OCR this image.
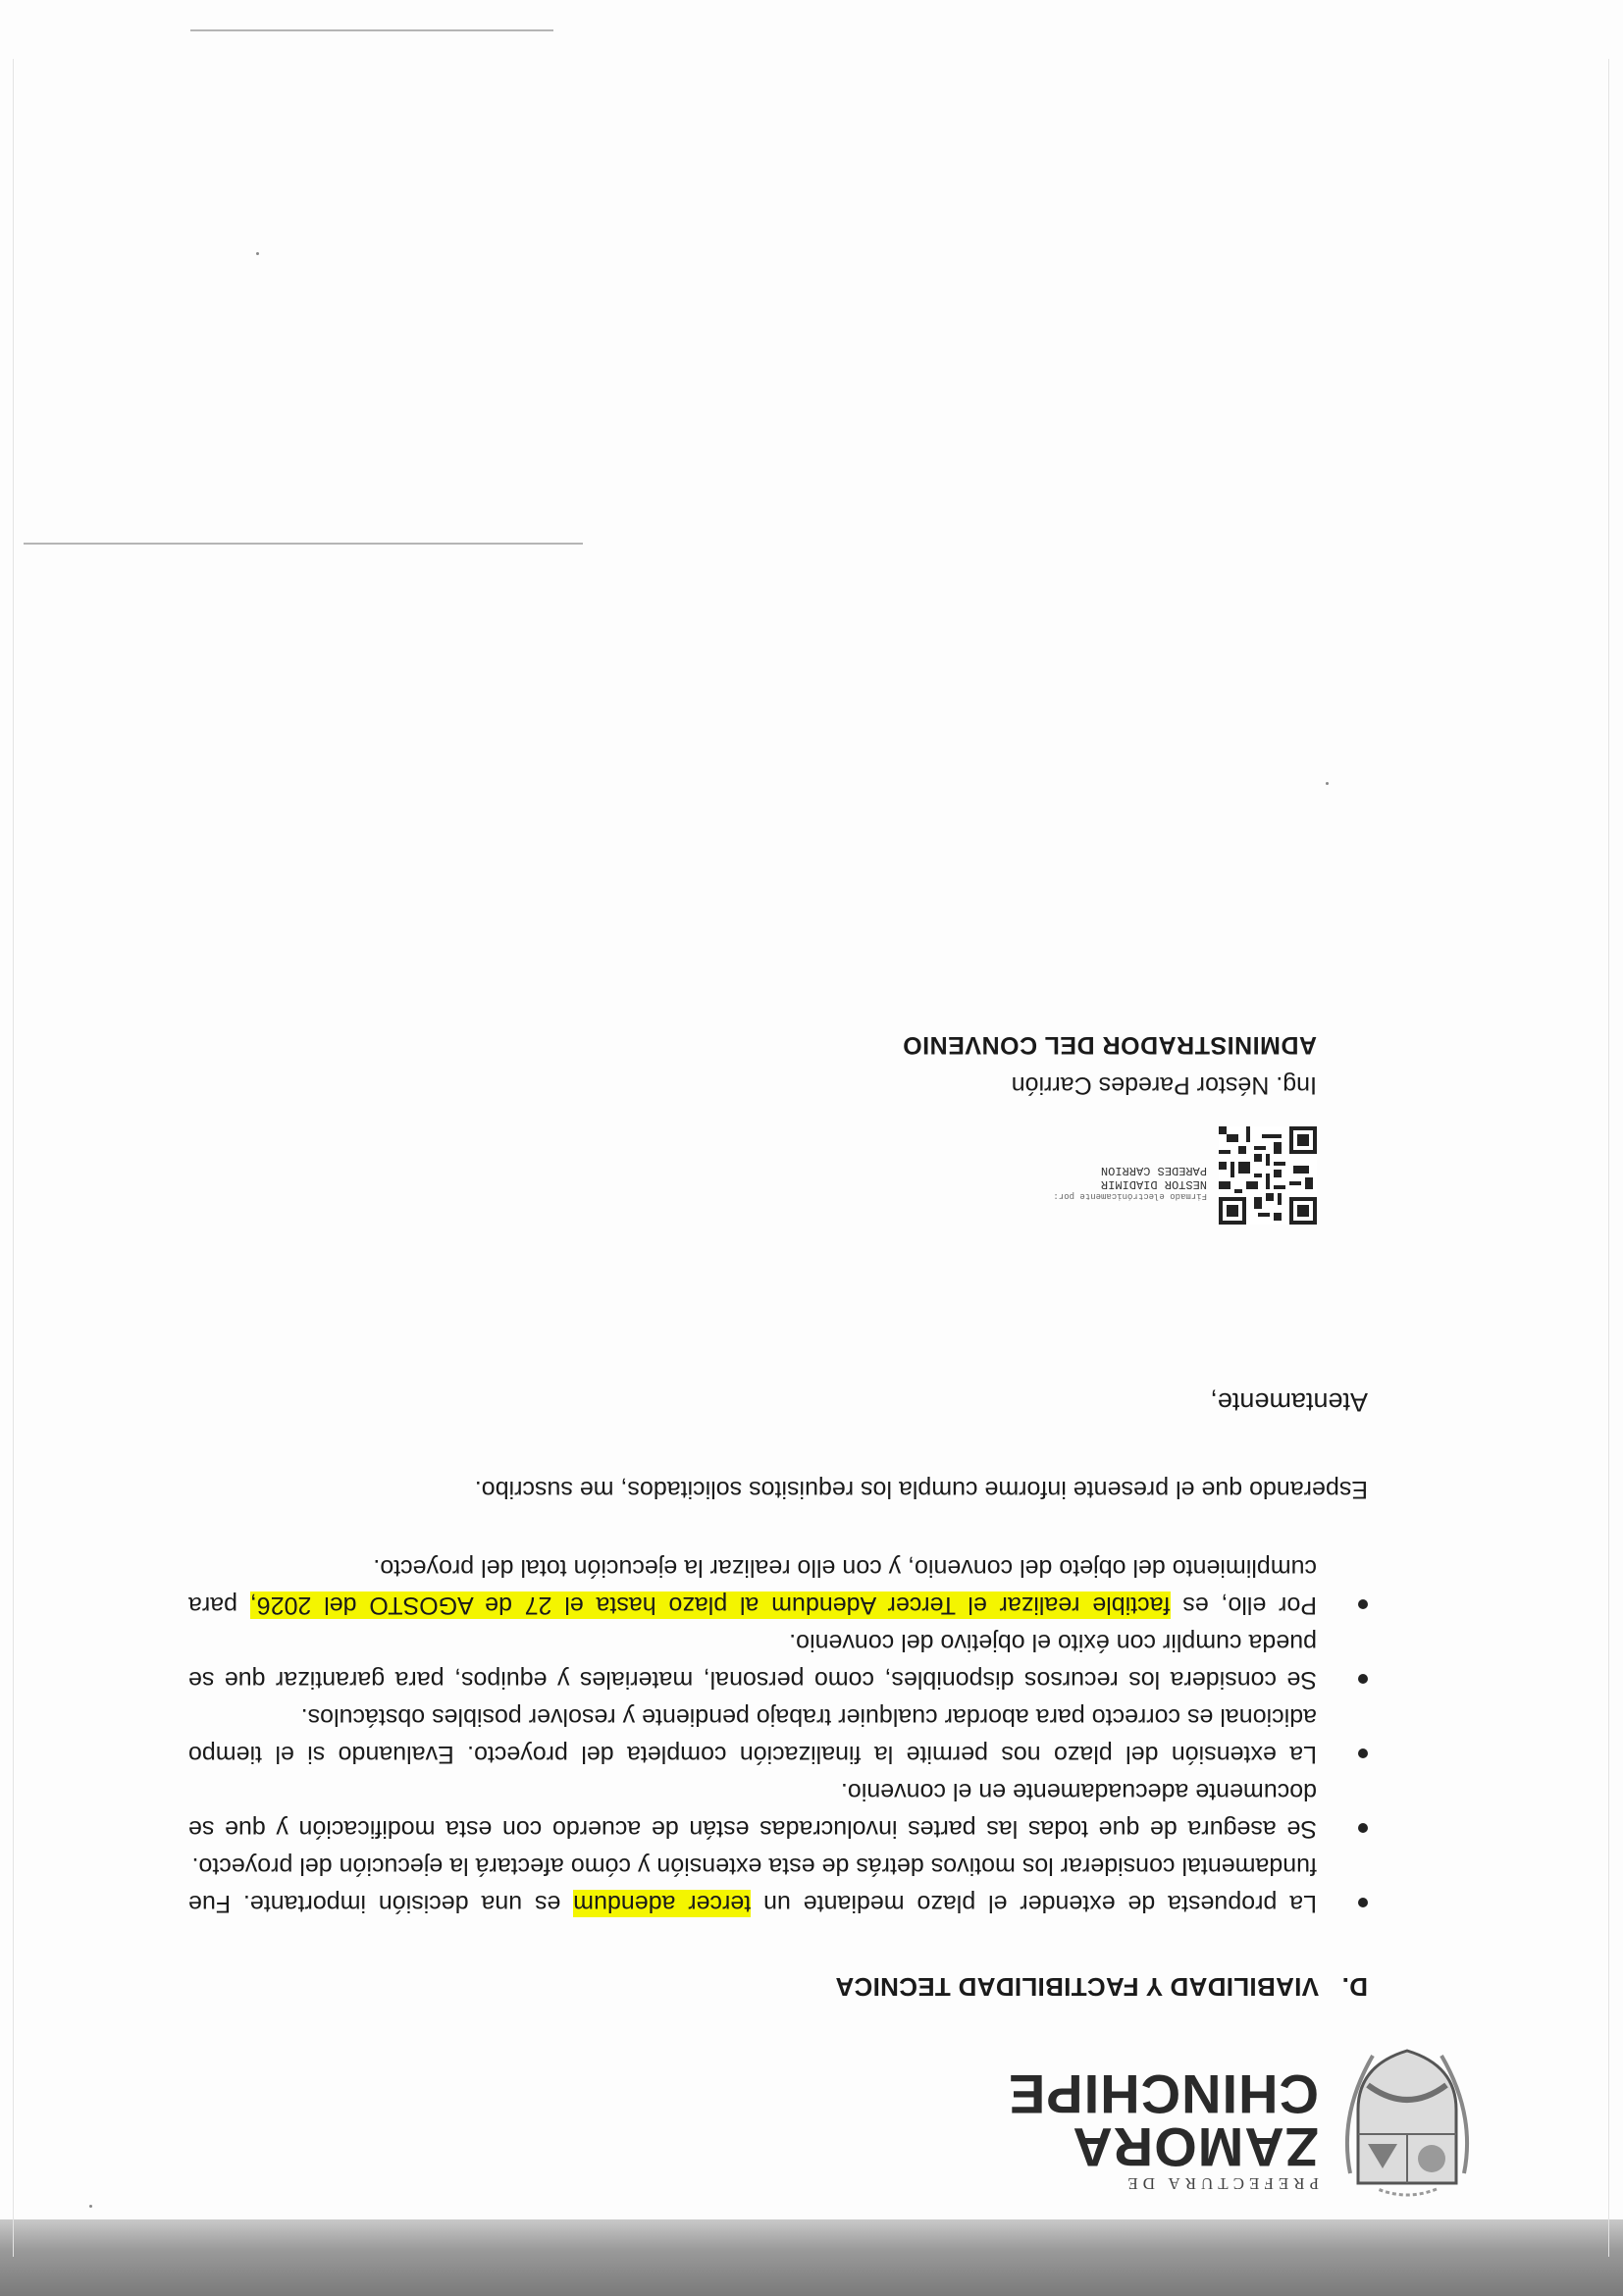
PREFECTURA DE
ZAMORA
CHINCHIPE
D.VIABILIDAD Y FACTIBILIDAD TECNICA
La propuesta de extender el plazo mediante un tercer adendum es una decisión importante. Fue fundamental considerar los motivos detrás de esta extensión y cómo afectará la ejecución del proyecto.
Se asegura de que todas las partes involucradas están de acuerdo con esta modificación y que se documente adecuadamente en el convenio.
La extensión del plazo nos permite la finalización completa del proyecto. Evaluando si el tiempo adicional es correcto para abordar cualquier trabajo pendiente y resolver posibles obstáculos.
Se considera los recursos disponibles, como personal, materiales y equipos, para garantizar que se pueda cumplir con éxito el objetivo del convenio.
Por ello, es factible realizar el Tercer Adendum al plazo hasta el 27 de AGOSTO del 2026, para cumplimiento del objeto del convenio, y con ello realizar la ejecución total del proyecto.
Esperando que el presente informe cumpla los requisitos solicitados, me suscribo.
Atentamente,
Firmado electrónicamente por:
NESTOR DIADIMIR
PAREDES CARRION
Ing. Néstor Paredes Carrión
ADMINISTRADOR DEL CONVENIO
